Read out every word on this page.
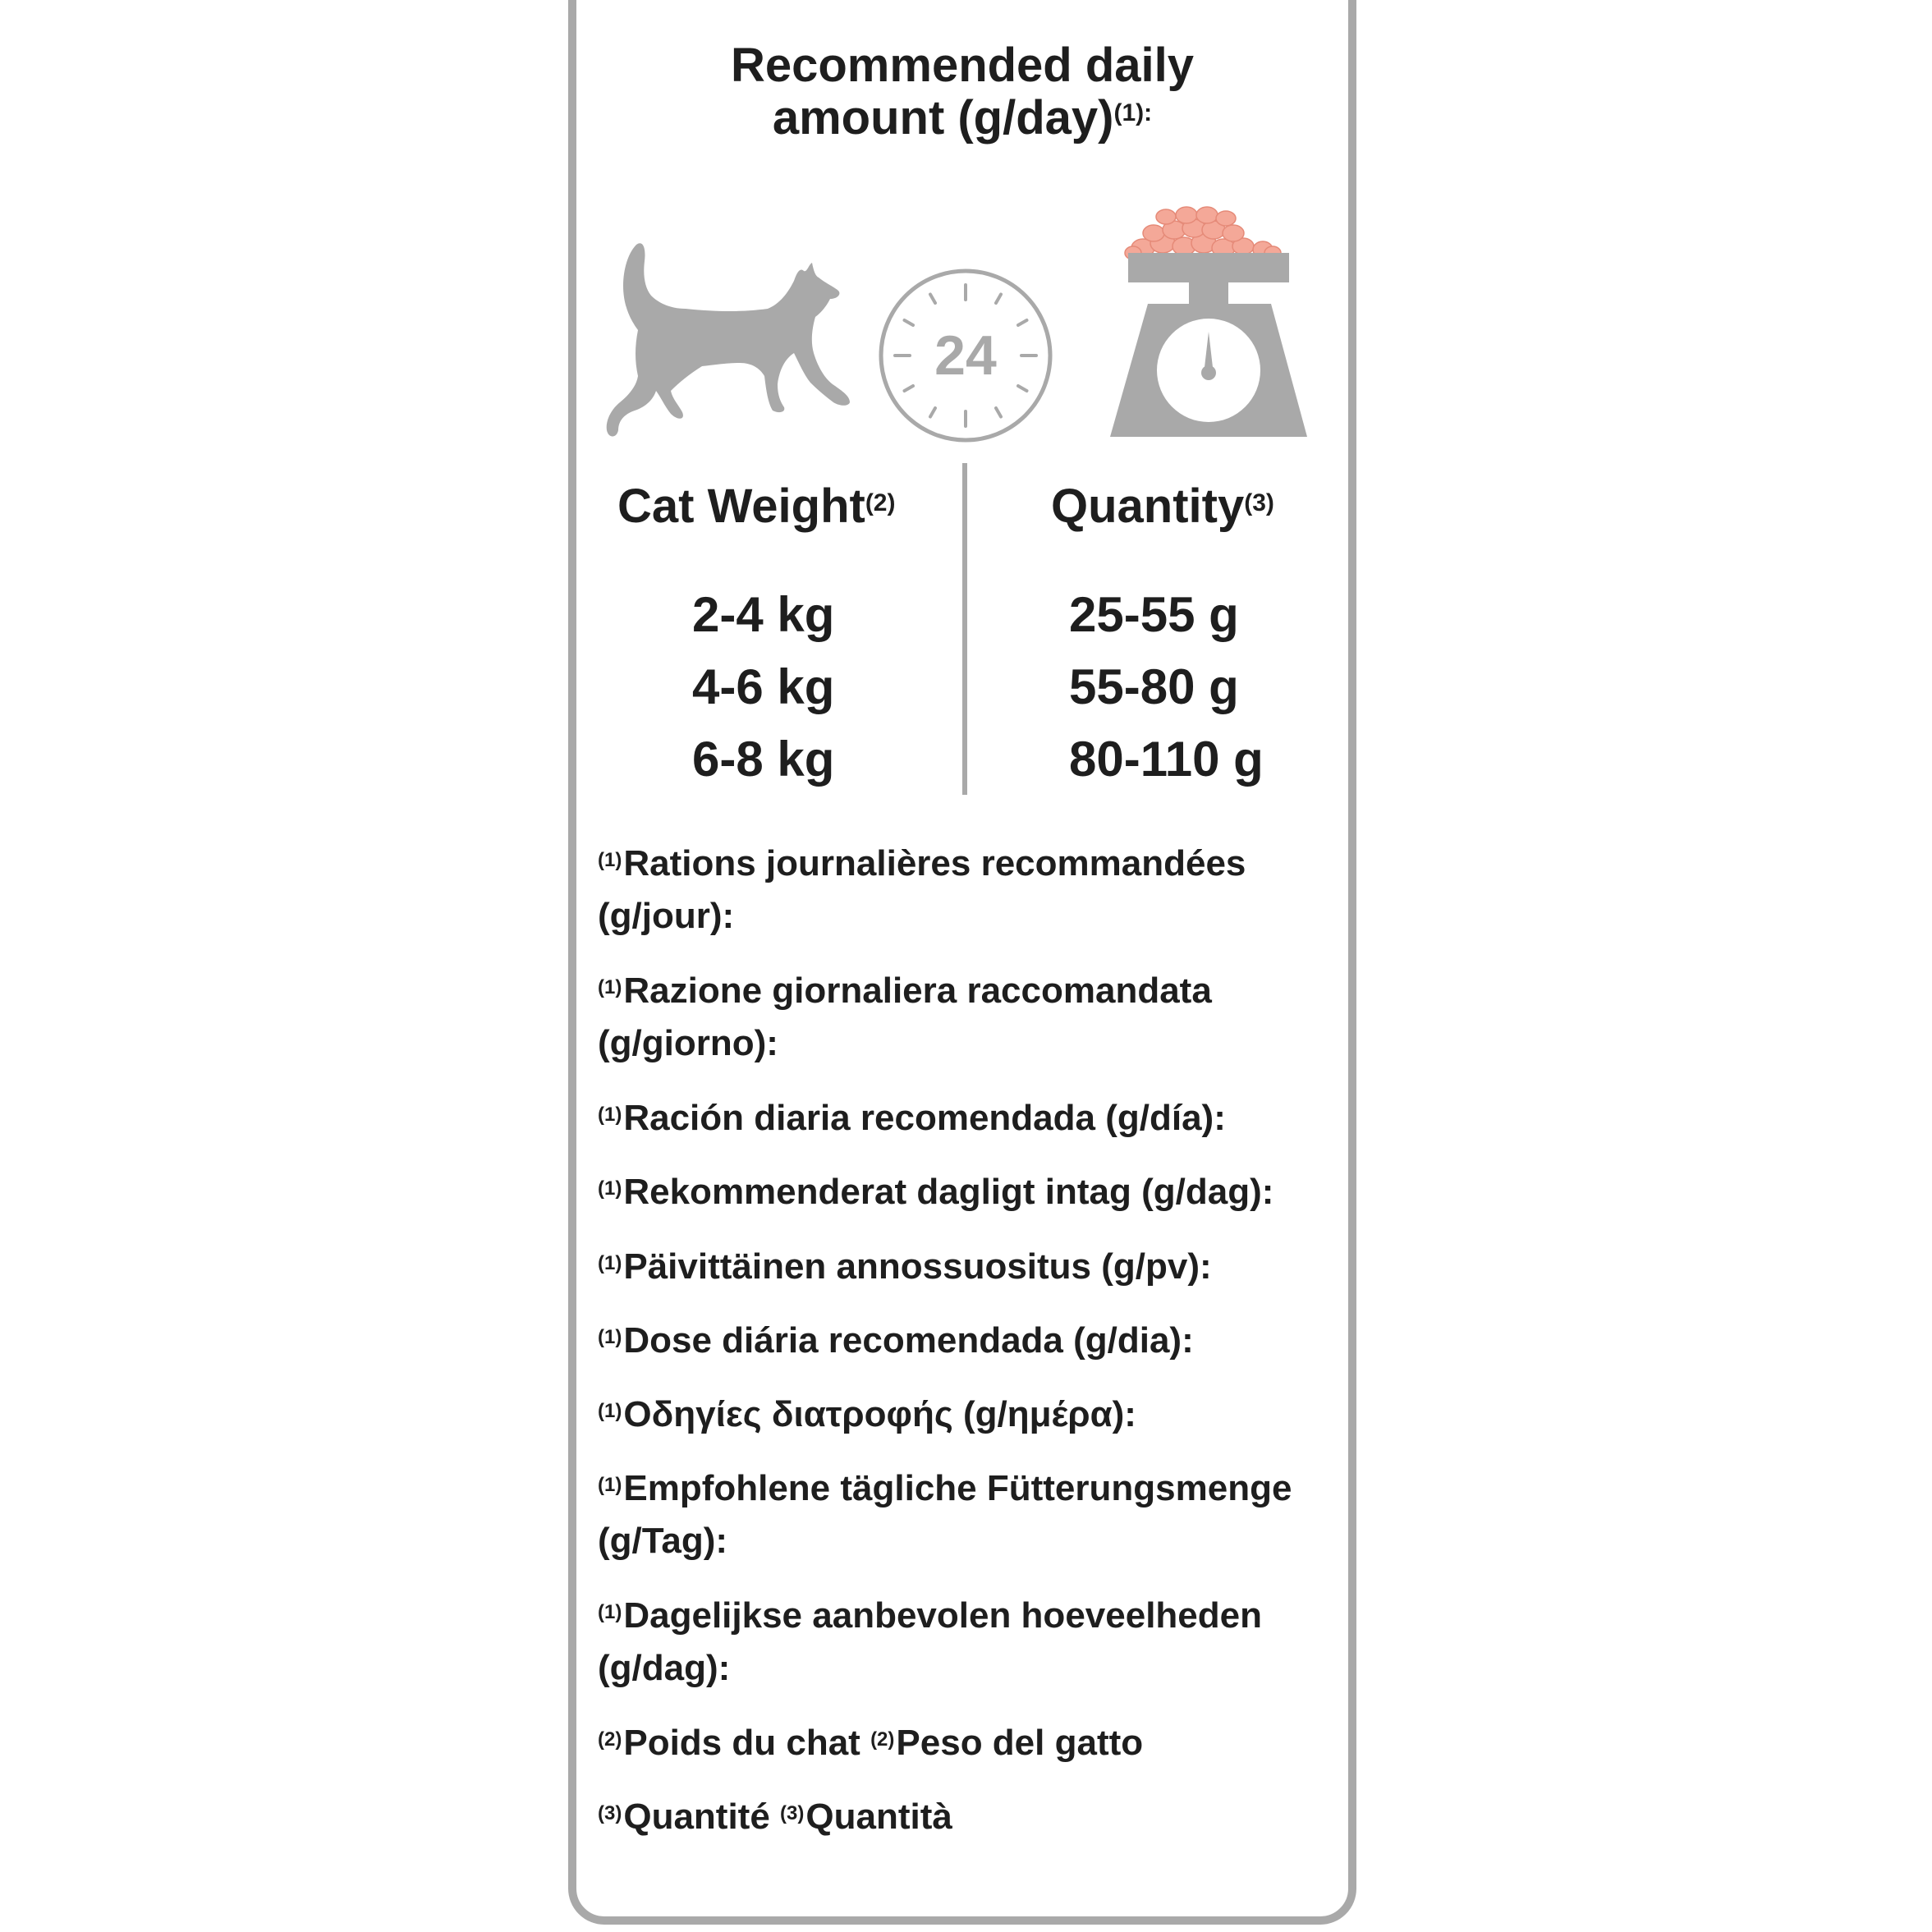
Recommended daily
amount $(g/day)^{(1):}$
24
Cat Weight$^{(2)}$	Quantity$^{(3)}$
2-4 kg
4-6 kg
6-8 kg
25-55 g
55-80 g
80-110 g
$^{(1)}$Rations journalières recommandées (g/jour):
$^{(1)}$Razione giornaliera raccomandata (g/giorno):
$^{(1)}$Ración diaria recomendada (g/día):
$^{(1)}$Rekommenderat dagligt intag (g/dag):
$^{(1)}$Päivittäinen annossuositus (g/pv):
$^{(1)}$Dose diária recomendada (g/dia):
$^{(1)}$Οδηγίες διατροφής (g/ημέρα):
$^{(1)}$Empfohlene tägliche Fütterungsmenge (g/Tag):
$^{(1)}$Dagelijkse aanbevolen hoeveelheden (g/dag):
$^{(2)}$Poids du chat $^{(2)}$Peso del gatto
$^{(3)}$Quantité $^{(3)}$Quantità
